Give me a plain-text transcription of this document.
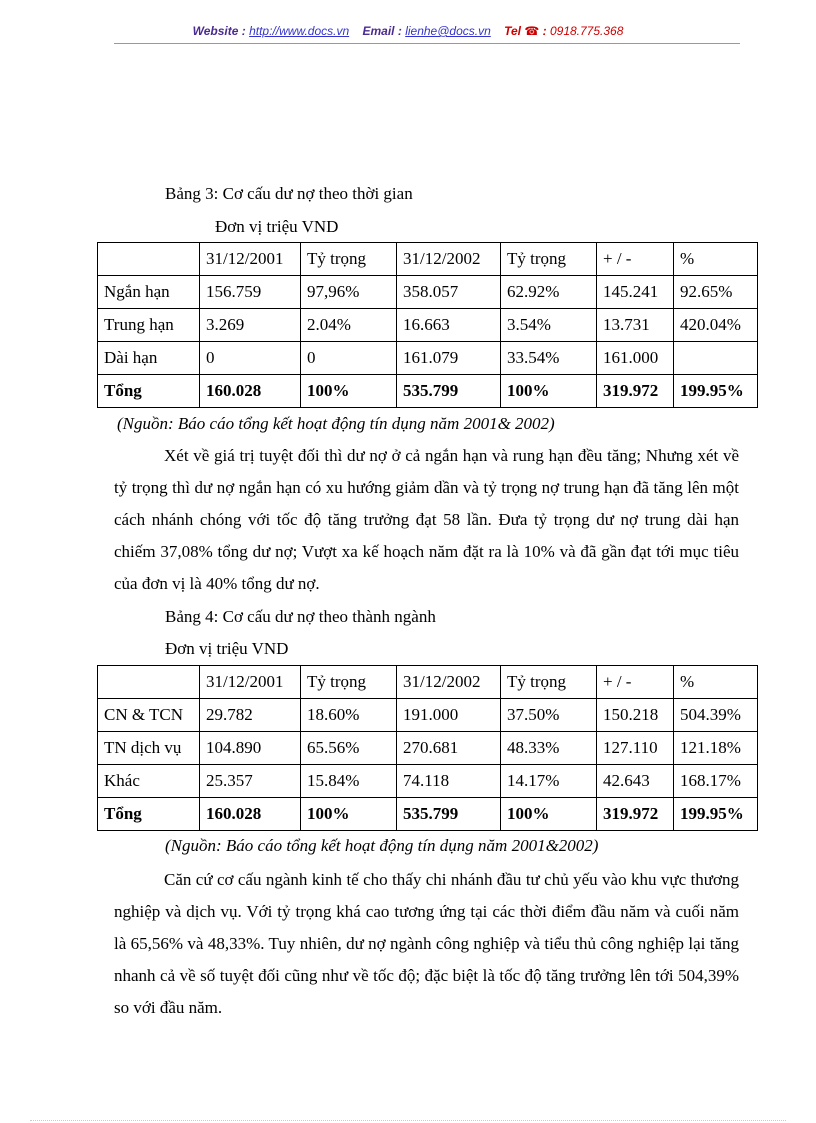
Website : http://www.docs.vn Email : lienhe@docs.vn Tel ☎ : 0918.775.368
Bảng 3: Cơ cấu dư nợ theo thời gian
Đơn vị triệu VND
	31/12/2001	Tỷ trọng	31/12/2002	Tỷ trọng	+ / -	%
Ngắn hạn	156.759	97,96%	358.057	62.92%	145.241	92.65%
Trung hạn	3.269	2.04%	16.663	3.54%	13.731	420.04%
Dài hạn	0	0	161.079	33.54%	161.000	
Tổng	160.028	100%	535.799	100%	319.972	199.95%
(Nguồn: Báo cáo tổng kết hoạt động tín dụng năm 2001& 2002)
Xét về giá trị tuyệt đối thì dư nợ ở cả ngắn hạn và rung hạn đều tăng; Nhưng xét về tỷ trọng thì dư nợ ngắn hạn có xu hướng giảm dần và tỷ trọng nợ trung hạn đã tăng lên một cách nhánh chóng với tốc độ tăng trưởng đạt 58 lần. Đưa tỷ trọng dư nợ trung dài hạn chiếm 37,08% tổng dư nợ; Vượt xa kế hoạch năm đặt ra là 10% và đã gần đạt tới mục tiêu của đơn vị là 40% tổng dư nợ.
Bảng 4: Cơ cấu dư nợ theo thành ngành
Đơn vị triệu VND
	31/12/2001	Tỷ trọng	31/12/2002	Tỷ trọng	+ / -	%
CN & TCN	29.782	18.60%	191.000	37.50%	150.218	504.39%
TN dịch vụ	104.890	65.56%	270.681	48.33%	127.110	121.18%
Khác	25.357	15.84%	74.118	14.17%	42.643	168.17%
Tổng	160.028	100%	535.799	100%	319.972	199.95%
(Nguồn: Báo cáo tổng kết hoạt động tín dụng năm 2001&2002)
Căn cứ cơ cấu ngành kinh tế cho thấy chi nhánh đầu tư chủ yếu vào khu vực thương nghiệp và dịch vụ. Với tỷ trọng khá cao tương ứng tại các thời điểm đầu năm và cuối năm là 65,56% và 48,33%. Tuy nhiên, dư nợ ngành công nghiệp và tiểu thủ công nghiệp lại tăng nhanh cả về số tuyệt đối cũng như về tốc độ; đặc biệt là tốc độ tăng trưởng lên tới 504,39% so với đầu năm.
